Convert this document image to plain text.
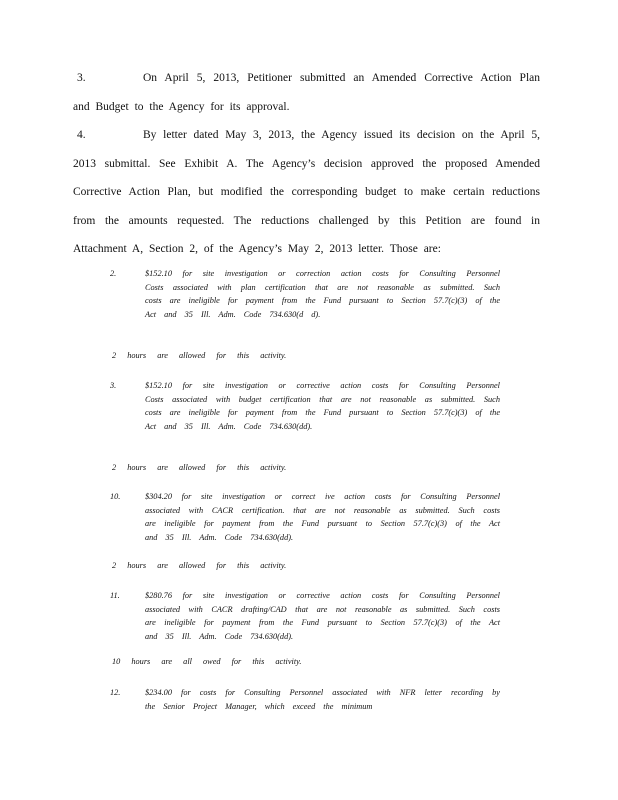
3.	On April 5, 2013, Petitioner submitted an Amended Corrective Action Plan and Budget to the Agency for its approval.
4.	By letter dated May 3, 2013, the Agency issued its decision on the April 5, 2013 submittal. See Exhibit A. The Agency’s decision approved the proposed Amended Corrective Action Plan, but modified the corresponding budget to make certain reductions from the amounts requested. The reductions challenged by this Petition are found in Attachment A, Section 2, of the Agency’s May 2, 2013 letter. Those are:
2.	$152.10 for site investigation or correction action costs for Consulting Personnel Costs associated with plan certification that are not reasonable as submitted. Such costs are ineligible for payment from the Fund pursuant to Section 57.7(c)(3) of the Act and 35 Ill. Adm. Code 734.630(d d).
2 hours are allowed for this activity.
3.	$152.10 for site investigation or corrective action costs for Consulting Personnel Costs associated with budget certification that are not reasonable as submitted. Such costs are ineligible for payment from the Fund pursuant to Section 57.7(c)(3) of the Act and 35 Ill. Adm. Code 734.630(dd).
2 hours are allowed for this activity.
10.	$304.20 for site investigation or correct ive action costs for Consulting Personnel associated with CACR certification. that are not reasonable as submitted. Such costs are ineligible for payment from the Fund pursuant to Section 57.7(c)(3) of the Act and 35 Ill. Adm. Code 734.630(dd).
2 hours are allowed for this activity.
11.	$280.76 for site investigation or corrective action costs for Consulting Personnel associated with CACR drafting/CAD that are not reasonable as submitted. Such costs are ineligible for payment from the Fund pursuant to Section 57.7(c)(3) of the Act and 35 Ill. Adm. Code 734.630(dd).
10 hours are all owed for this activity.
12.	$234.00 for costs for Consulting Personnel associated with NFR letter recording by the Senior Project Manager, which exceed the minimum
